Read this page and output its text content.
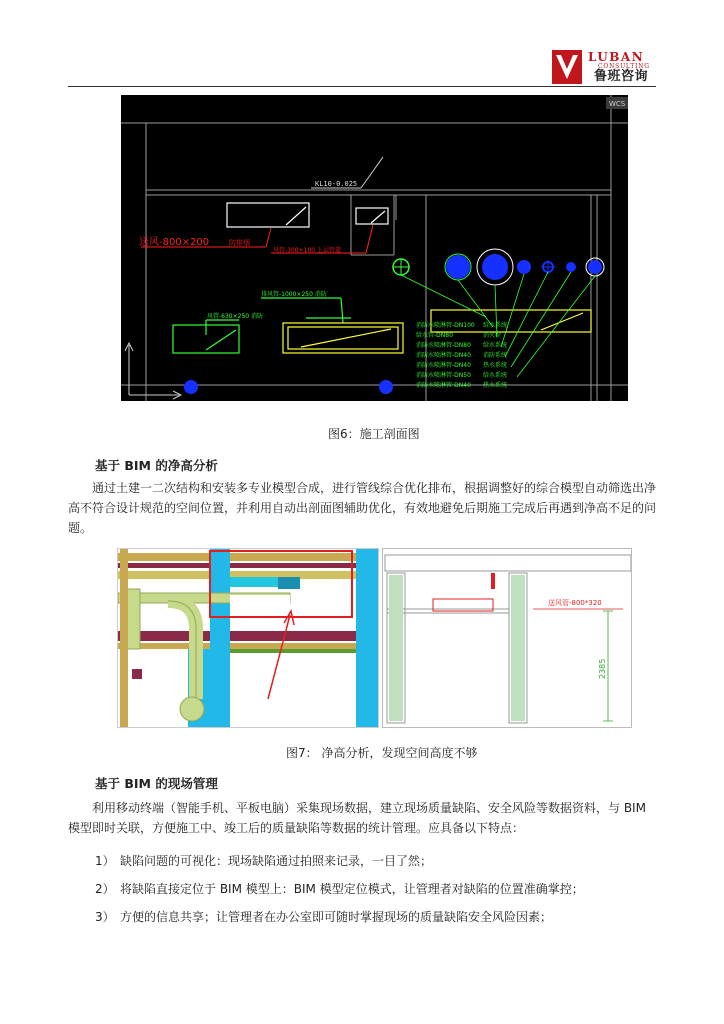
LUBAN
CONSULTING
鲁班咨询
KL10-0.025
送风-800×200	防排烟
风管-300×100 上层管道
风管-630×250 消防
排风管-1000×250 消防
消防水喷淋管-DN100
给水管-DN80
消防水喷淋管-DN80
消防水喷淋管-DN40
消防水喷淋管-DN40
消防水喷淋管-DN50
消防水喷淋管-DN40
给水系统
消火栓
给水系统
消防系统
热水系统
给水系统
热水系统
WCS
图6：施工剖面图
基于 BIM 的净高分析
通过土建一二次结构和安装多专业模型合成，进行管线综合优化排布，根据调整好的综合模型自动筛选出净高不符合设计规范的空间位置，并利用自动出剖面图辅助优化，有效地避免后期施工完成后再遇到净高不足的问题。
送风管-800*320
2385
图7： 净高分析，发现空间高度不够
基于 BIM 的现场管理
利用移动终端（智能手机、平板电脑）采集现场数据，建立现场质量缺陷、安全风险等数据资料，与 BIM 模型即时关联，方便施工中、竣工后的质量缺陷等数据的统计管理。应具备以下特点：
1） 缺陷问题的可视化：现场缺陷通过拍照来记录，一目了然；
2） 将缺陷直接定位于 BIM 模型上：BIM 模型定位模式，让管理者对缺陷的位置准确掌控；
3） 方便的信息共享；让管理者在办公室即可随时掌握现场的质量缺陷安全风险因素；
